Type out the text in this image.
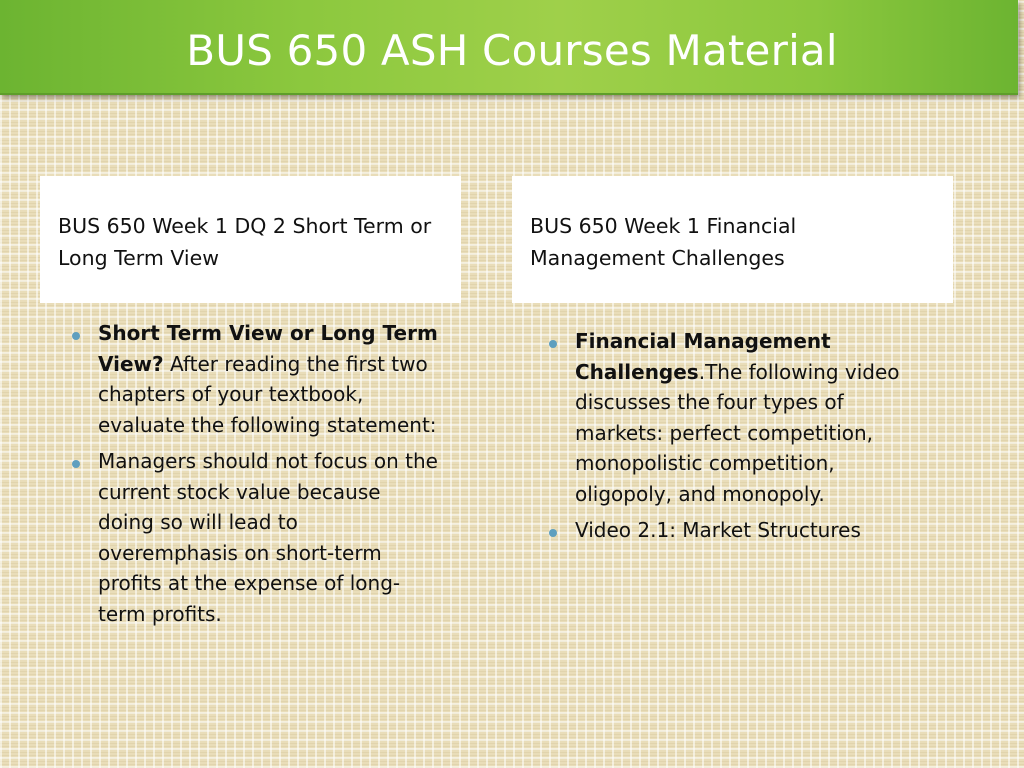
BUS 650 ASH Courses Material
BUS 650 Week 1 DQ 2 Short Term or Long Term View
BUS 650 Week 1 Financial Management Challenges
Short Term View or Long Term View? After reading the first two chapters of your textbook, evaluate the following statement:
Managers should not focus on the current stock value because doing so will lead to overemphasis on short-term profits at the expense of long-term profits.
Financial Management Challenges.The following video discusses the four types of markets: perfect competition, monopolistic competition, oligopoly, and monopoly.
Video 2.1: Market Structures
